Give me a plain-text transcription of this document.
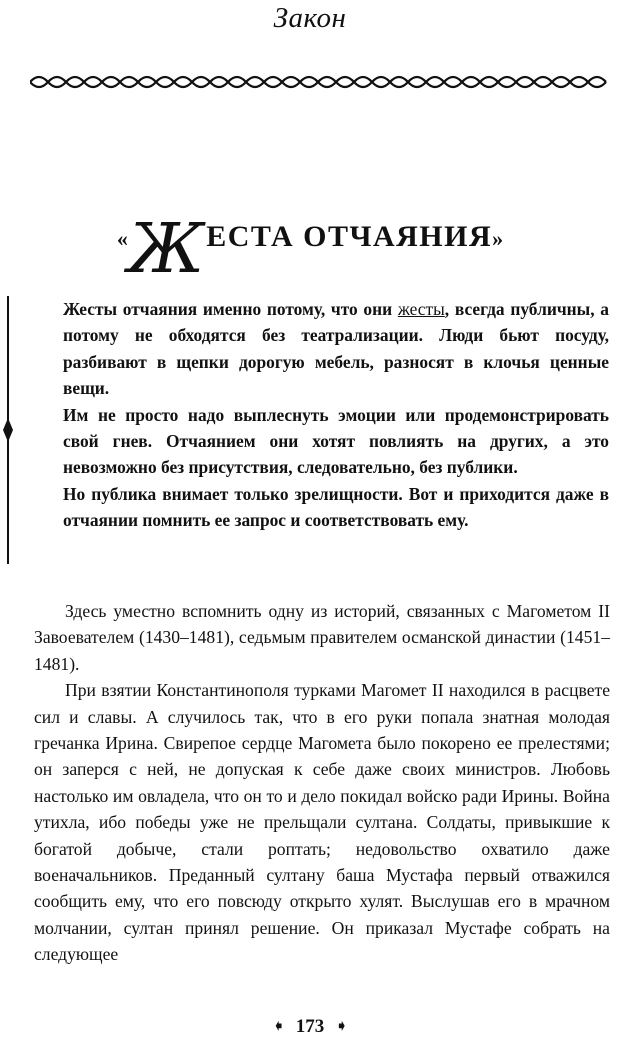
Закон
«ЖЕСТА ОТЧАЯНИЯ»

Жесты отчаяния именно потому, что они жесты, всегда публичны, а потому не обходятся без театрализации. Люди бьют посуду, разбивают в щепки дорогую мебель, разносят в клочья ценные вещи.

Им не просто надо выплеснуть эмоции или продемонстрировать свой гнев. Отчаянием они хотят повлиять на других, а это невозможно без присутствия, следовательно, без публики.

Но публика внимает только зрелищности. Вот и приходится даже в отчаянии помнить ее запрос и соответствовать ему.

Здесь уместно вспомнить одну из историй, связанных с Магометом II Завоевателем (1430–1481), седьмым правителем османской династии (1451–1481).

При взятии Константинополя турками Магомет II находился в расцвете сил и славы. А случилось так, что в его руки попала знатная молодая гречанка Ирина. Свирепое сердце Магомета было покорено ее прелестями; он заперся с ней, не допуская к себе даже своих министров. Любовь настолько им овладела, что он то и дело покидал войско ради Ирины. Война утихла, ибо победы уже не прельщали султана. Солдаты, привыкшие к богатой добыче, стали роптать; недовольство охватило даже военачальников. Преданный султану баша Мустафа первый отважился сообщить ему, что его повсюду открыто хулят. Выслушав его в мрачном молчании, султан принял решение. Он приказал Мустафе собрать на следующее

➧ 173 ➧
